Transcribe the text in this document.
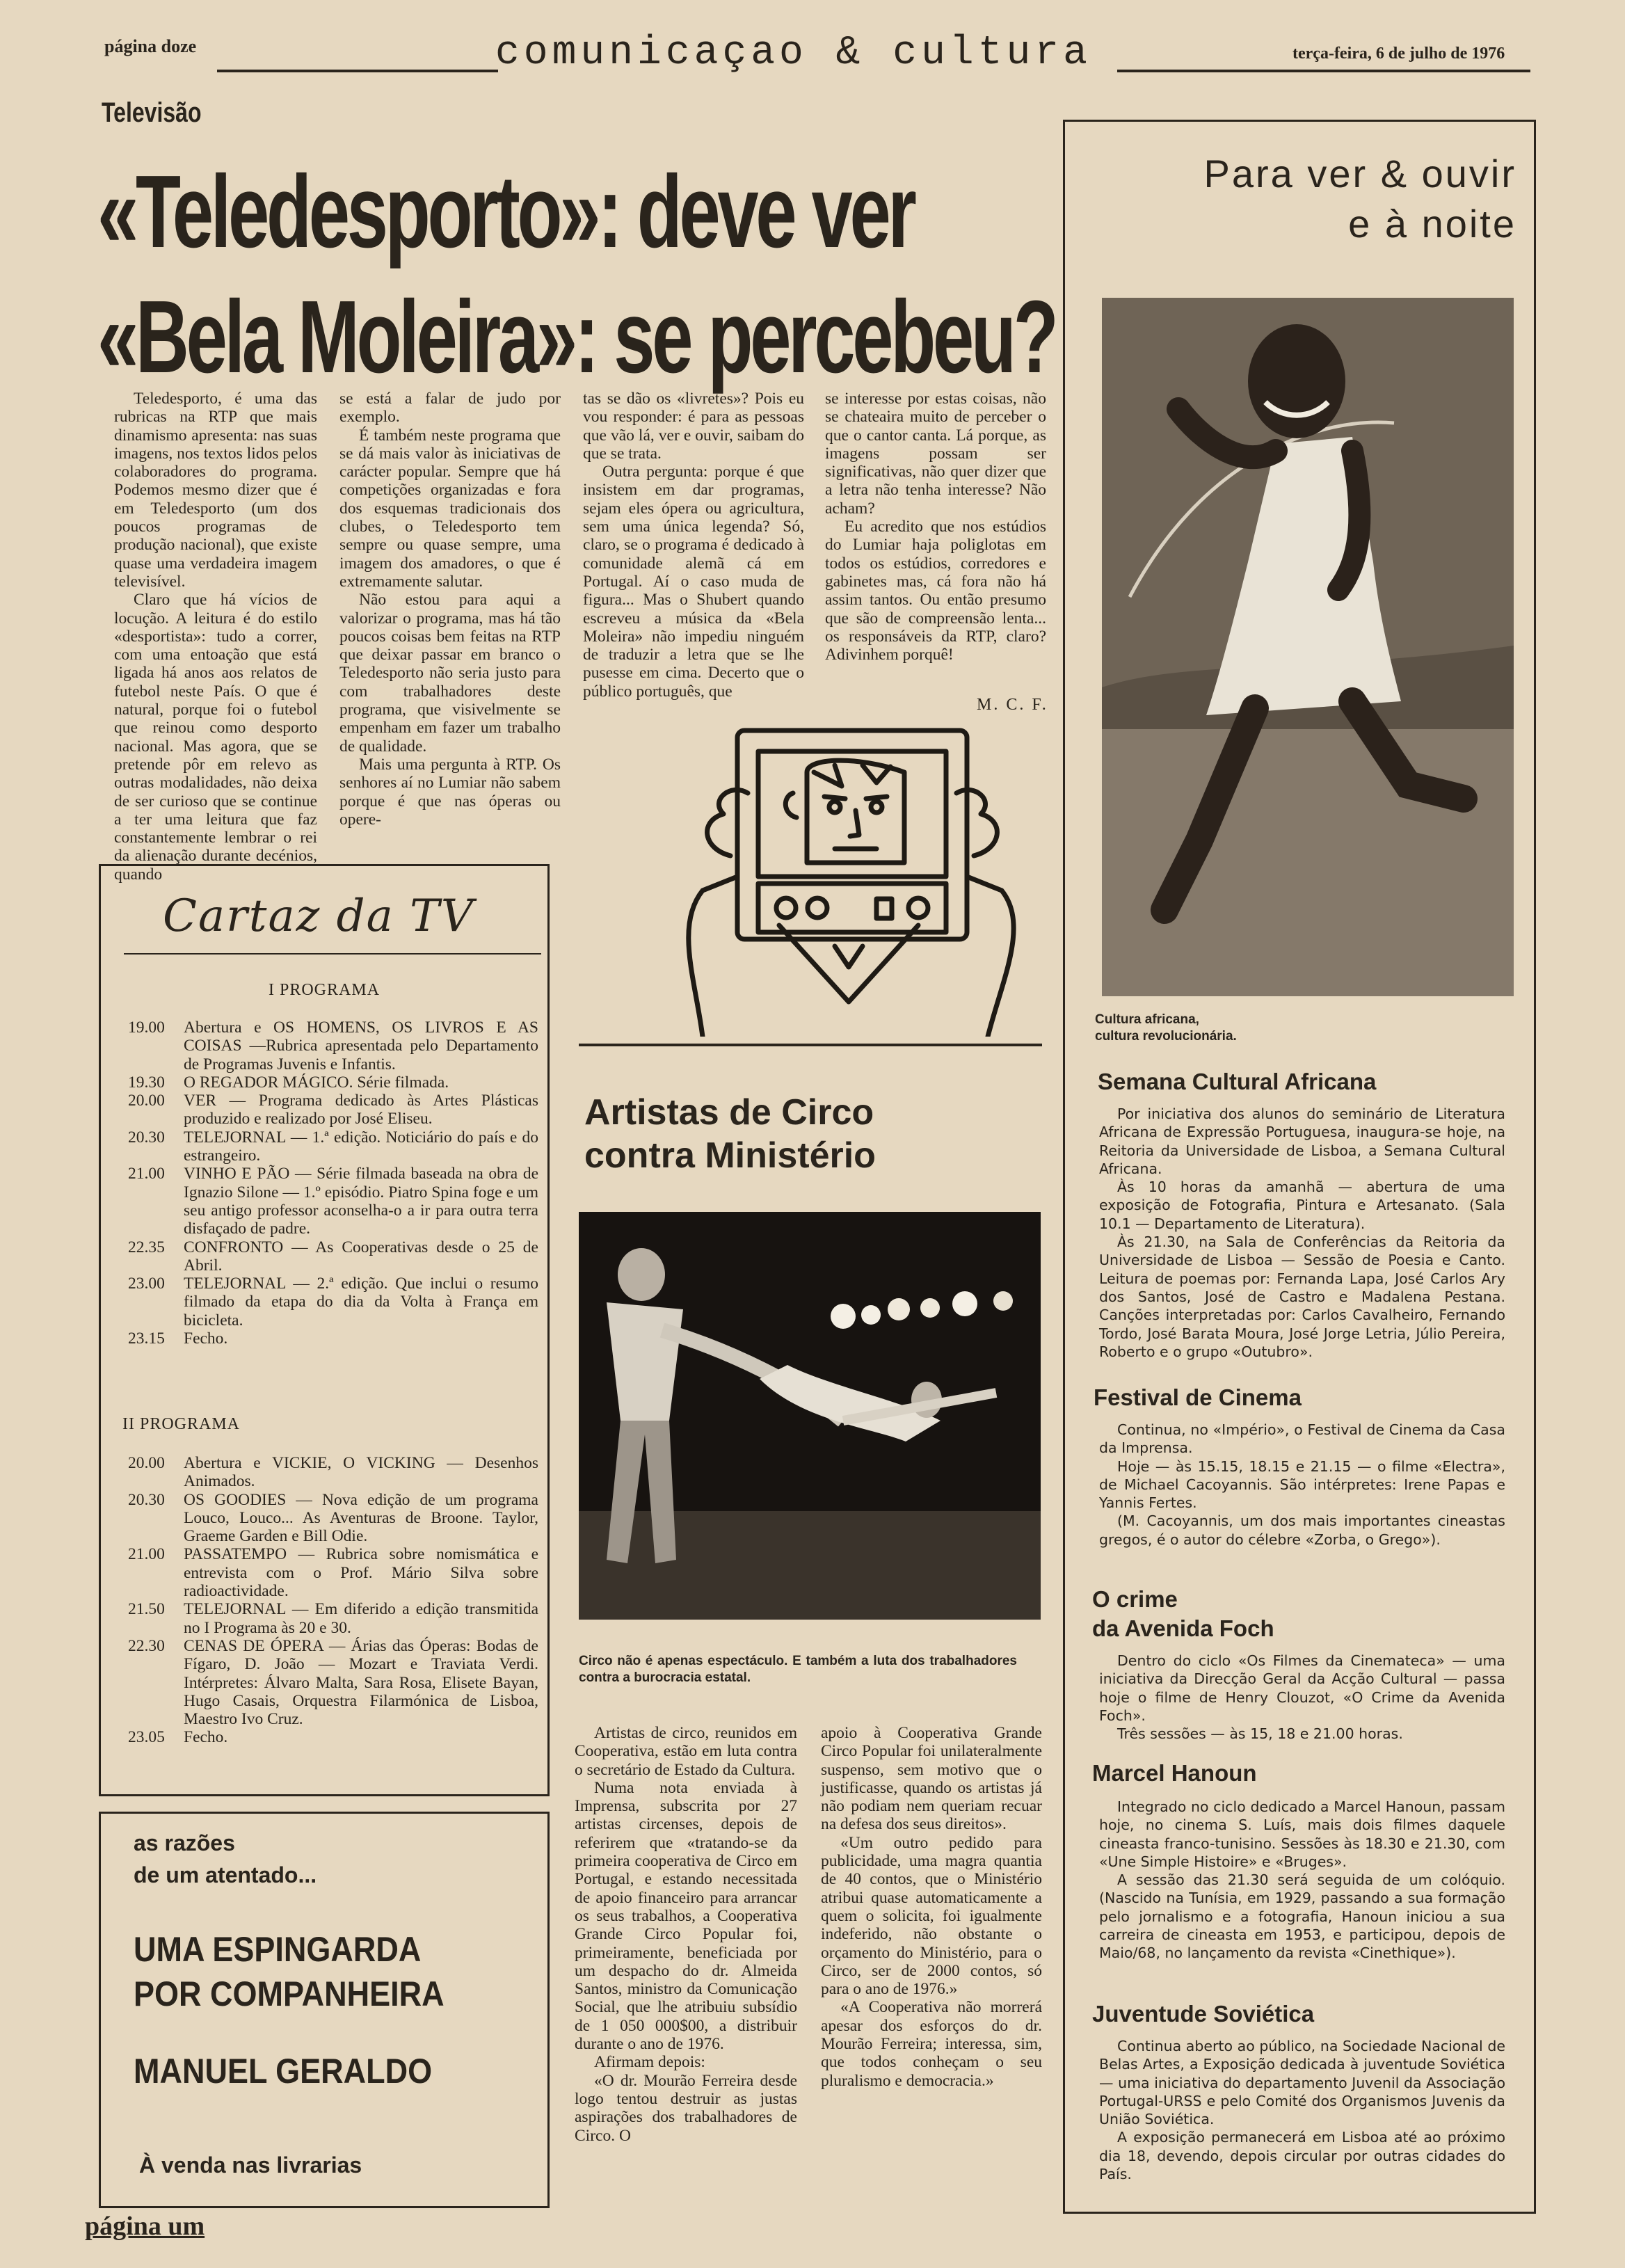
página doze	comunicaçao & cultura	terça-feira, 6 de julho de 1976
Televisão
«Teledesporto»: deve ver
«Bela Moleira»: se percebeu?

Teledesporto, é uma das rubricas na RTP que mais dinamismo apresenta: nas suas imagens, nos textos lidos pelos colaboradores do programa. Podemos mesmo dizer que é em Teledesporto (um dos poucos programas de produção nacional), que existe quase uma verdadeira imagem televisível.

Claro que há vícios de locução. A leitura é do estilo «desportista»: tudo a correr, com uma entoação que está ligada há anos aos relatos de futebol neste País. O que é natural, porque foi o futebol que reinou como desporto nacional. Mas agora, que se pretende pôr em relevo as outras modalidades, não deixa de ser curioso que se continue a ter uma leitura que faz constantemente lembrar o rei da alienação durante decénios, quando

se está a falar de judo por exemplo.

É também neste programa que se dá mais valor às iniciativas de carácter popular. Sempre que há competições organizadas e fora dos esquemas tradicionais dos clubes, o Teledesporto tem sempre ou quase sempre, uma imagem dos amadores, o que é extremamente salutar.

Não estou para aqui a valorizar o programa, mas há tão poucos coisas bem feitas na RTP que deixar passar em branco o Teledesporto não seria justo para com trabalhadores deste programa, que visivelmente se empenham em fazer um trabalho de qualidade.

Mais uma pergunta à RTP. Os senhores aí no Lumiar não sabem porque é que nas óperas ou opere-

tas se dão os «livretes»? Pois eu vou responder: é para as pessoas que vão lá, ver e ouvir, saibam do que se trata.

Outra pergunta: porque é que insistem em dar programas, sejam eles ópera ou agricultura, sem uma única legenda? Só, claro, se o programa é dedicado à comunidade alemã cá em Portugal. Aí o caso muda de figura... Mas o Shubert quando escreveu a música da «Bela Moleira» não impediu ninguém de traduzir a letra que se lhe pusesse em cima. Decerto que o público português, que

se interesse por estas coisas, não se chateaira muito de perceber o que o cantor canta. Lá porque, as imagens possam ser significativas, não quer dizer que a letra não tenha interesse? Não acham?

Eu acredito que nos estúdios do Lumiar haja poliglotas em todos os estúdios, corredores e gabinetes mas, cá fora não há assim tantos. Ou então presumo que são de compreensão lenta... os responsáveis da RTP, claro? Adivinhem porquê!

M. C. F.
Cartaz da TV
I PROGRAMA
19.00	Abertura e OS HOMENS, OS LIVROS E AS COISAS —Rubrica apresentada pelo Departamento de Programas Juvenis e Infantis.
19.30	O REGADOR MÁGICO. Série filmada.
20.00	VER — Programa dedicado às Artes Plásticas produzido e realizado por José Eliseu.
20.30	TELEJORNAL — 1.ª edição. Noticiário do país e do estrangeiro.
21.00	VINHO E PÃO — Série filmada baseada na obra de Ignazio Silone — 1.º episódio. Piatro Spina foge e um seu antigo professor aconselha-o a ir para outra terra disfaçado de padre.
22.35	CONFRONTO — As Cooperativas desde o 25 de Abril.
23.00	TELEJORNAL — 2.ª edição. Que inclui o resumo filmado da etapa do dia da Volta à França em bicicleta.
23.15	Fecho.
II PROGRAMA
20.00	Abertura e VICKIE, O VICKING — Desenhos Animados.
20.30	OS GOODIES — Nova edição de um programa Louco, Louco... As Aventuras de Broone. Taylor, Graeme Garden e Bill Odie.
21.00	PASSATEMPO — Rubrica sobre nomismática e entrevista com o Prof. Mário Silva sobre radioactividade.
21.50	TELEJORNAL — Em diferido a edição transmitida no I Programa às 20 e 30.
22.30	CENAS DE ÓPERA — Árias das Óperas: Bodas de Fígaro, D. João — Mozart e Traviata Verdi. Intérpretes: Álvaro Malta, Sara Rosa, Elisete Bayan, Hugo Casais, Orquestra Filarmónica de Lisboa, Maestro Ivo Cruz.
23.05	Fecho.
as razões
de um atentado...
UMA ESPINGARDA
POR COMPANHEIRA
MANUEL GERALDO
À venda nas livrarias
página um
Artistas de Circo
contra Ministério
Circo não é apenas espectáculo. E também a luta dos trabalhadores contra a burocracia estatal.

Artistas de circo, reunidos em Cooperativa, estão em luta contra o secretário de Estado da Cultura.

Numa nota enviada à Imprensa, subscrita por 27 artistas circenses, depois de referirem que «tratando-se da primeira cooperativa de Circo em Portugal, e estando necessitada de apoio financeiro para arrancar os seus trabalhos, a Cooperativa Grande Circo Popular foi, primeiramente, beneficiada por um despacho do dr. Almeida Santos, ministro da Comunicação Social, que lhe atribuiu subsídio de 1 050 000$00, a distribuir durante o ano de 1976.

Afirmam depois:

«O dr. Mourão Ferreira desde logo tentou destruir as justas aspirações dos trabalhadores de Circo. O

apoio à Cooperativa Grande Circo Popular foi unilateralmente suspenso, sem motivo que o justificasse, quando os artistas já não podiam nem queriam recuar na defesa dos seus direitos».

«Um outro pedido para publicidade, uma magra quantia de 40 contos, que o Ministério atribui quase automaticamente a quem o solicita, foi igualmente indeferido, não obstante o orçamento do Ministério, para o Circo, ser de 2000 contos, só para o ano de 1976.»

«A Cooperativa não morrerá apesar dos esforços do dr. Mourão Ferreira; interessa, sim, que todos conheçam o seu pluralismo e democracia.»

Para ver & ouvir
e à noite
Cultura africana,
cultura revolucionária.
Semana Cultural Africana

Por iniciativa dos alunos do seminário de Literatura Africana de Expressão Portuguesa, inaugura-se hoje, na Reitoria da Universidade de Lisboa, a Semana Cultural Africana.

Às 10 horas da amanhã — abertura de uma exposição de Fotografia, Pintura e Artesanato. (Sala 10.1 — Departamento de Literatura).

Às 21.30, na Sala de Conferências da Reitoria da Universidade de Lisboa — Sessão de Poesia e Canto. Leitura de poemas por: Fernanda Lapa, José Carlos Ary dos Santos, José de Castro e Madalena Pestana. Canções interpretadas por: Carlos Cavalheiro, Fernando Tordo, José Barata Moura, José Jorge Letria, Júlio Pereira, Roberto e o grupo «Outubro».

Festival de Cinema

Continua, no «Império», o Festival de Cinema da Casa da Imprensa.

Hoje — às 15.15, 18.15 e 21.15 — o filme «Electra», de Michael Cacoyannis. São intérpretes: Irene Papas e Yannis Fertes.

(M. Cacoyannis, um dos mais importantes cineastas gregos, é o autor do célebre «Zorba, o Grego»).

O crime
da Avenida Foch

Dentro do ciclo «Os Filmes da Cinemateca» — uma iniciativa da Direcção Geral da Acção Cultural — passa hoje o filme de Henry Clouzot, «O Crime da Avenida Foch».

Três sessões — às 15, 18 e 21.00 horas.

Marcel Hanoun

Integrado no ciclo dedicado a Marcel Hanoun, passam hoje, no cinema S. Luís, mais dois filmes daquele cineasta franco-tunisino. Sessões às 18.30 e 21.30, com «Une Simple Histoire» e «Bruges».

A sessão das 21.30 será seguida de um colóquio. (Nascido na Tunísia, em 1929, passando a sua formação pelo jornalismo e a fotografia, Hanoun iniciou a sua carreira de cineasta em 1953, e participou, depois de Maio/68, no lançamento da revista «Cinethique»).

Juventude Soviética

Continua aberto ao público, na Sociedade Nacional de Belas Artes, a Exposição dedicada à juventude Soviética — uma iniciativa do departamento Juvenil da Associação Portugal-URSS e pelo Comité dos Organismos Juvenis da União Soviética.

A exposição permanecerá em Lisboa até ao próximo dia 18, devendo, depois circular por outras cidades do País.
